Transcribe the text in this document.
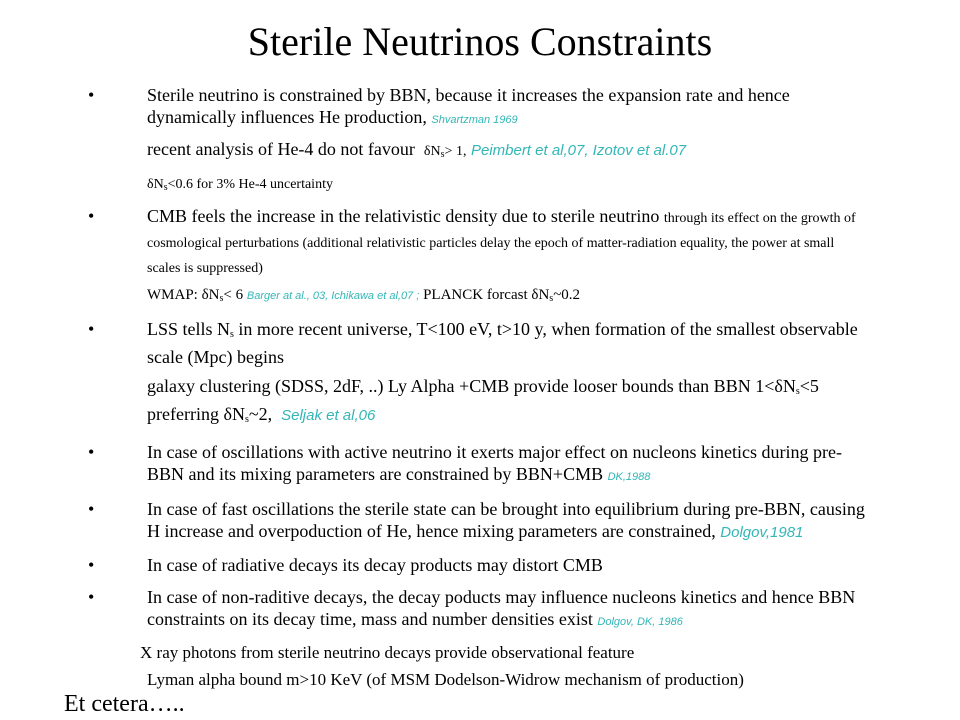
Sterile Neutrinos Constraints
•	Sterile neutrino is constrained by BBN, because it increases the expansion rate and hence dynamically influences He production, Shvartzman 1969
recent analysis of He-4 do not favour $\delta N_s> 1$, Peimbert et al,07, Izotov et al.07
$\delta N_s<0.6$ for 3% He-4 uncertainty
•	CMB feels the increase in the relativistic density due to sterile neutrino through its effect on the growth of cosmological perturbations (additional relativistic particles delay the epoch of matter-radiation equality, the power at small scales is suppressed)
WMAP: $\delta N_s< 6$ Barger at al., 03, Ichikawa et al,07 ; PLANCK forcast $\delta N_s\sim 0.2$
•	LSS tells $N_s$ in more recent universe, T<100 eV, t>10 y, when formation of the smallest observable scale (Mpc) begins
galaxy clustering (SDSS, 2dF, ..) Ly Alpha +CMB provide looser bounds than BBN $1<\delta N_s<5$ preferring $\delta N_s\sim 2$, Seljak et al,06
•	In case of oscillations with active neutrino it exerts major effect on nucleons kinetics during pre-BBN and its mixing parameters are constrained by BBN+CMB DK,1988
•	In case of fast oscillations the sterile state can be brought into equilibrium during pre-BBN, causing H increase and overpoduction of He, hence mixing parameters are constrained, Dolgov,1981
•	In case of radiative decays its decay products may distort CMB
•	In case of non-raditive decays, the decay poducts may influence nucleons kinetics and hence BBN constraints on its decay time, mass and number densities exist Dolgov, DK, 1986
X ray photons from sterile neutrino decays provide observational feature
Lyman alpha bound m>10 KeV (of MSM Dodelson-Widrow mechanism of production)
Et cetera…..
